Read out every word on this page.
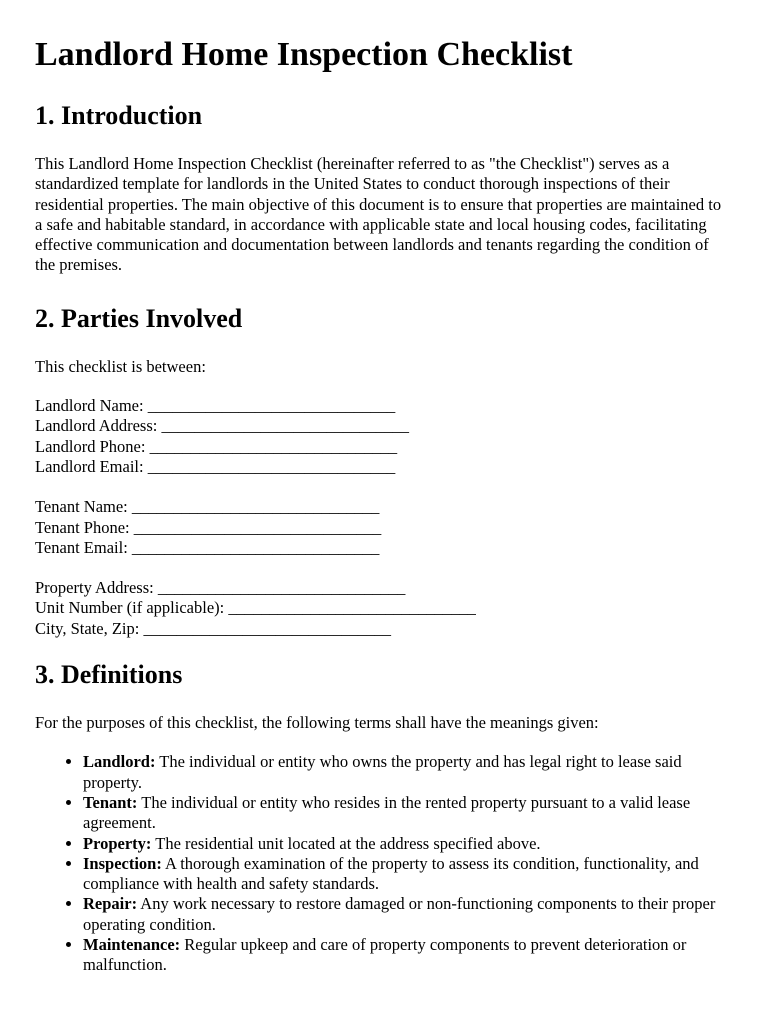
Landlord Home Inspection Checklist
1. Introduction

This Landlord Home Inspection Checklist (hereinafter referred to as "the Checklist") serves as a standardized template for landlords in the United States to conduct thorough inspections of their residential properties. The main objective of this document is to ensure that properties are maintained to a safe and habitable standard, in accordance with applicable state and local housing codes, facilitating effective communication and documentation between landlords and tenants regarding the condition of the premises.

2. Parties Involved

This checklist is between:

Landlord Name: ______________________________
Landlord Address: ______________________________
Landlord Phone: ______________________________
Landlord Email: ______________________________
Tenant Name: ______________________________
Tenant Phone: ______________________________
Tenant Email: ______________________________
Property Address: ______________________________
Unit Number (if applicable): ______________________________
City, State, Zip: ______________________________
3. Definitions

For the purposes of this checklist, the following terms shall have the meanings given:

• Landlord: The individual or entity who owns the property and has legal right to lease said property.
• Tenant: The individual or entity who resides in the rented property pursuant to a valid lease agreement.
• Property: The residential unit located at the address specified above.
• Inspection: A thorough examination of the property to assess its condition, functionality, and compliance with health and safety standards.
• Repair: Any work necessary to restore damaged or non-functioning components to their proper operating condition.
• Maintenance: Regular upkeep and care of property components to prevent deterioration or malfunction.
